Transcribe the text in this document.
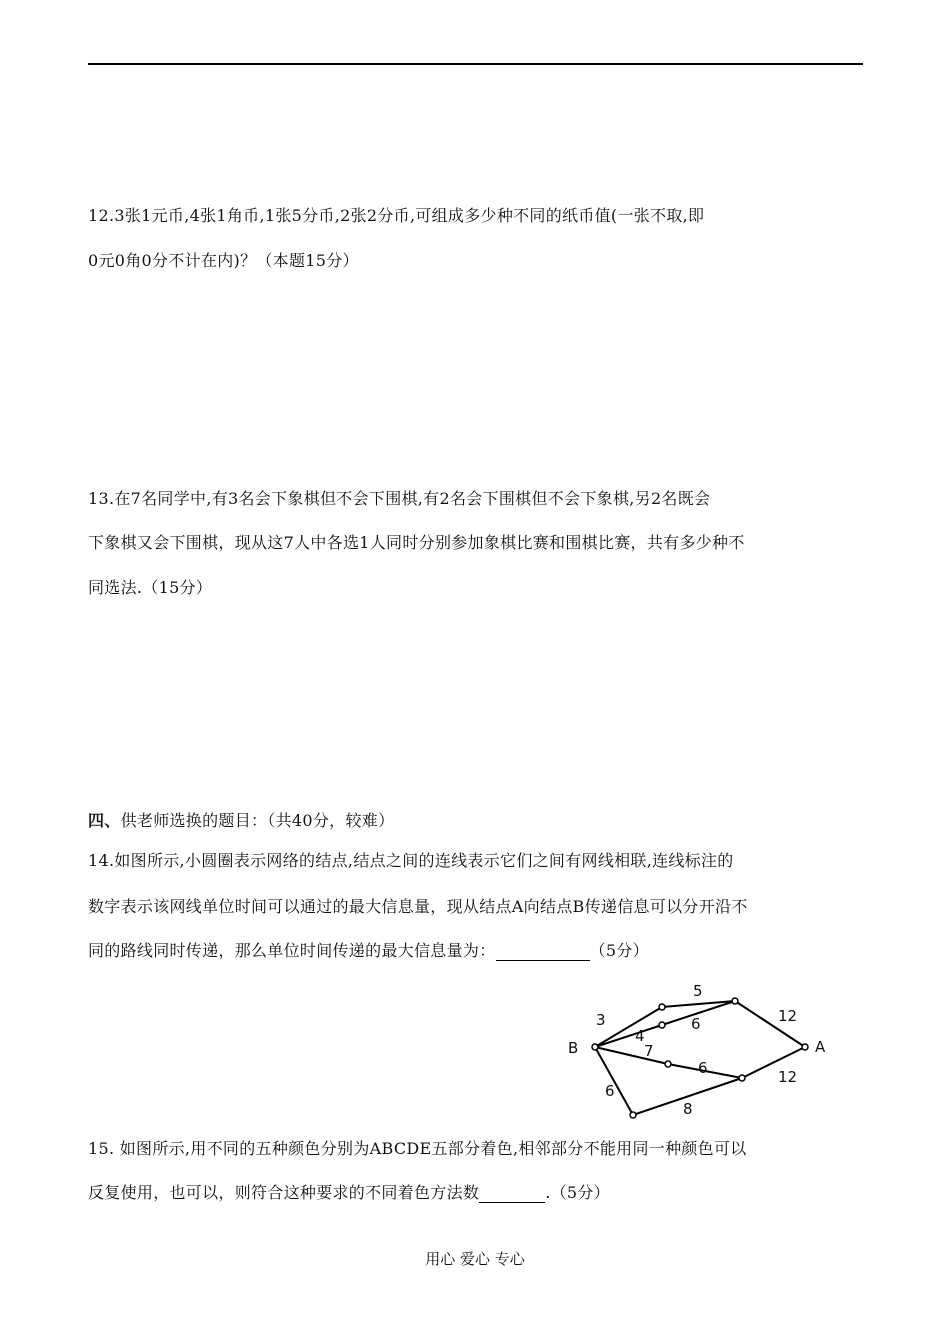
12.3张1元币,4张1角币,1张5分币,2张2分币,可组成多少种不同的纸币值(一张不取,即
0元0角0分不计在内)？（本题15分）
13.在7名同学中,有3名会下象棋但不会下围棋,有2名会下围棋但不会下象棋,另2名既会
下象棋又会下围棋，现从这7人中各选1人同时分别参加象棋比赛和围棋比赛，共有多少种不
同选法.（15分）
四、供老师选换的题目：（共40分，较难）
14.如图所示,小圆圈表示网络的结点,结点之间的连线表示它们之间有网线相联,连线标注的
数字表示该网线单位时间可以通过的最大信息量，现从结点A向结点B传递信息可以分开沿不
同的路线同时传递，那么单位时间传递的最大信息量为：	（5分）
B	A
3
5
4
6	12
7
6	12
6
8
15. 如图所示,用不同的五种颜色分别为ABCDE五部分着色,相邻部分不能用同一种颜色可以
反复使用，也可以，则符合这种要求的不同着色方法数	.（5分）
用心 爱心 专心
